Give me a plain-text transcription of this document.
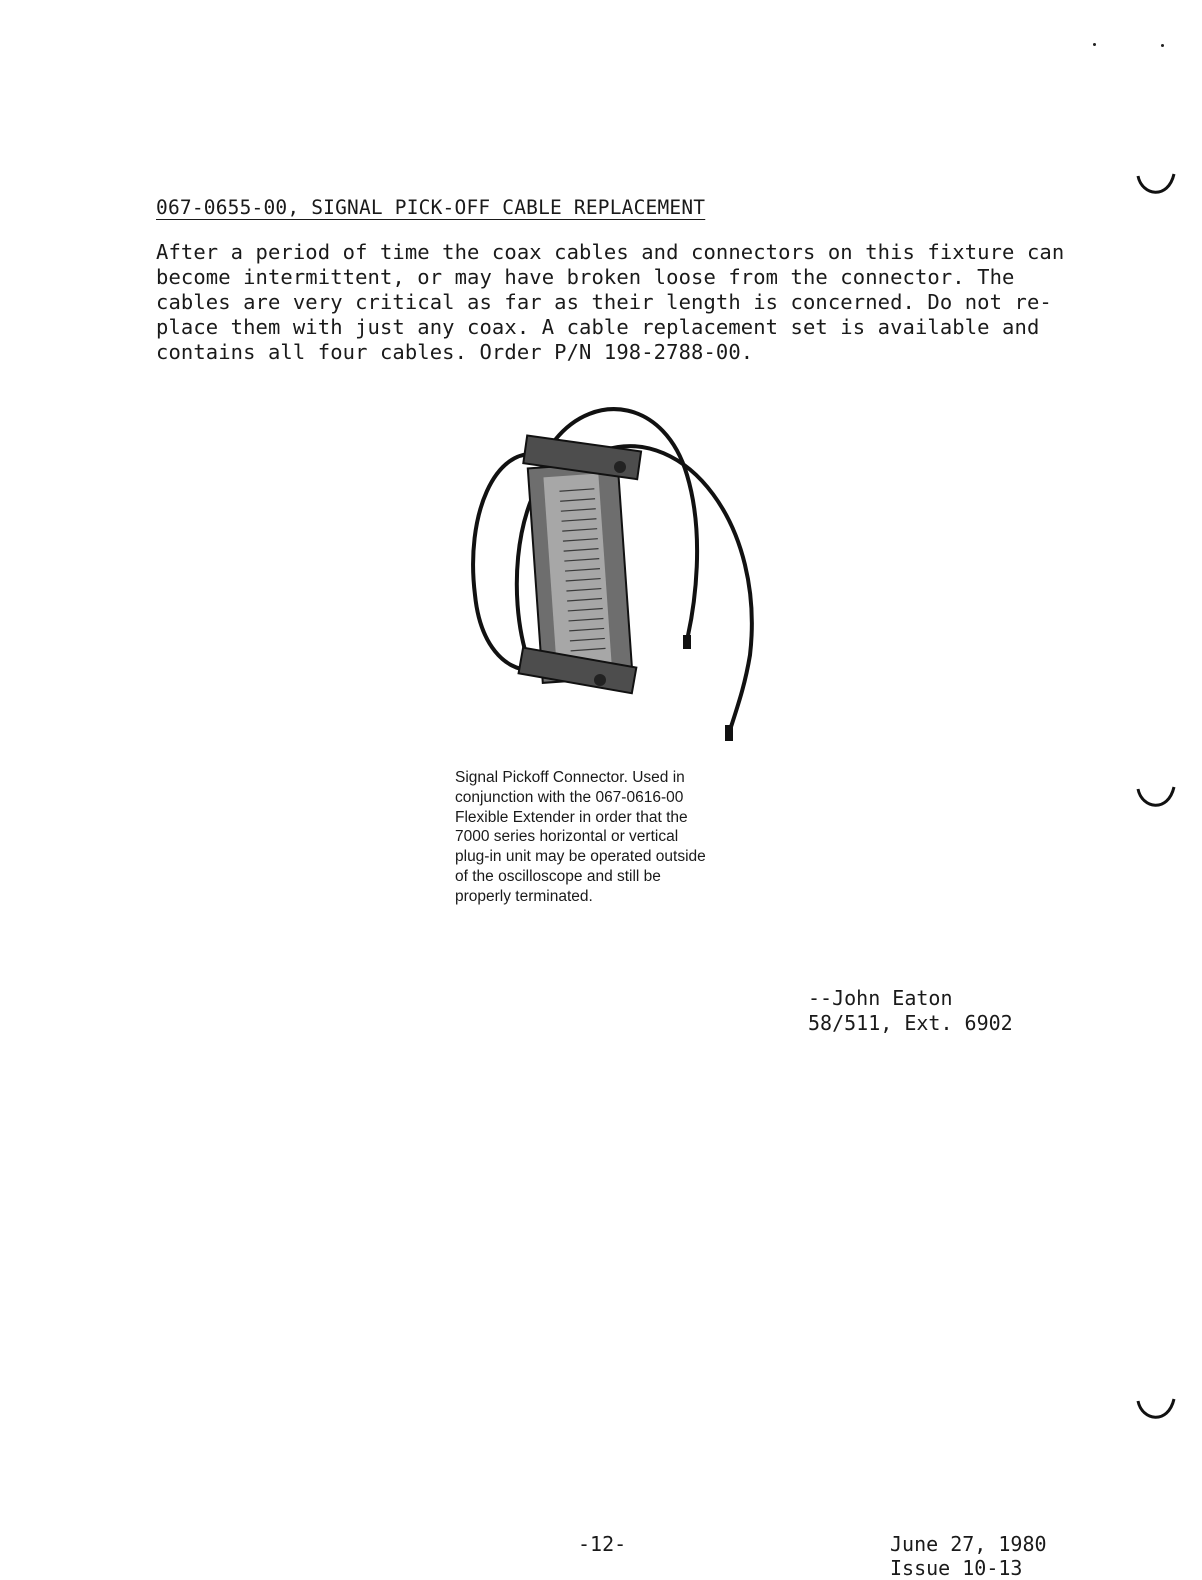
067-0655-00, SIGNAL PICK-OFF CABLE REPLACEMENT
After a period of time the coax cables and connectors on this fixture can
become intermittent, or may have broken loose from the connector. The
cables are very critical as far as their length is concerned. Do not re-
place them with just any coax. A cable replacement set is available and
contains all four cables. Order P/N 198-2788-00.
Signal Pickoff Connector. Used in
conjunction with the 067-0616-00
Flexible Extender in order that the
7000 series horizontal or vertical
plug-in unit may be operated outside
of the oscilloscope and still be
properly terminated.
--John Eaton
58/511, Ext. 6902
-12-	June 27, 1980
Issue 10-13
